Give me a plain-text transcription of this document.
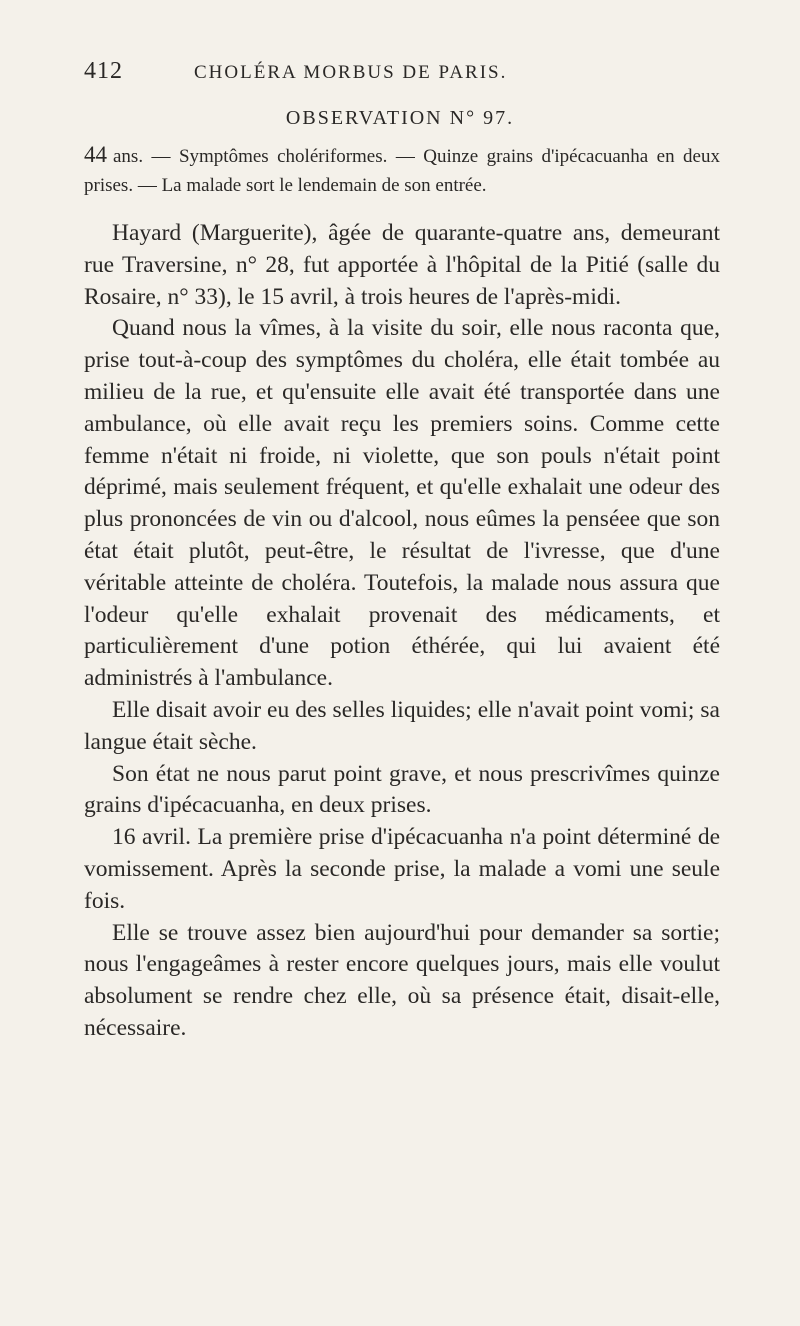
412	CHOLÉRA MORBUS DE PARIS.
OBSERVATION N° 97.
44 ans. — Symptômes cholériformes. — Quinze grains d'ipécacuanha en deux prises. — La malade sort le lendemain de son entrée.

Hayard (Marguerite), âgée de quarante-quatre ans, demeurant rue Traversine, n° 28, fut apportée à l'hôpital de la Pitié (salle du Rosaire, n° 33), le 15 avril, à trois heures de l'après-midi.

Quand nous la vîmes, à la visite du soir, elle nous raconta que, prise tout-à-coup des symptômes du choléra, elle était tombée au milieu de la rue, et qu'ensuite elle avait été transportée dans une ambulance, où elle avait reçu les premiers soins. Comme cette femme n'était ni froide, ni violette, que son pouls n'était point déprimé, mais seulement fréquent, et qu'elle exhalait une odeur des plus prononcées de vin ou d'alcool, nous eûmes la penséee que son état était plutôt, peut-être, le résultat de l'ivresse, que d'une véritable atteinte de choléra. Toutefois, la malade nous assura que l'odeur qu'elle exhalait provenait des médicaments, et particulièrement d'une potion éthérée, qui lui avaient été administrés à l'ambulance.

Elle disait avoir eu des selles liquides; elle n'avait point vomi; sa langue était sèche.

Son état ne nous parut point grave, et nous prescrivîmes quinze grains d'ipécacuanha, en deux prises.

16 avril. La première prise d'ipécacuanha n'a point déterminé de vomissement. Après la seconde prise, la malade a vomi une seule fois.

Elle se trouve assez bien aujourd'hui pour demander sa sortie; nous l'engageâmes à rester encore quelques jours, mais elle voulut absolument se rendre chez elle, où sa présence était, disait-elle, nécessaire.
